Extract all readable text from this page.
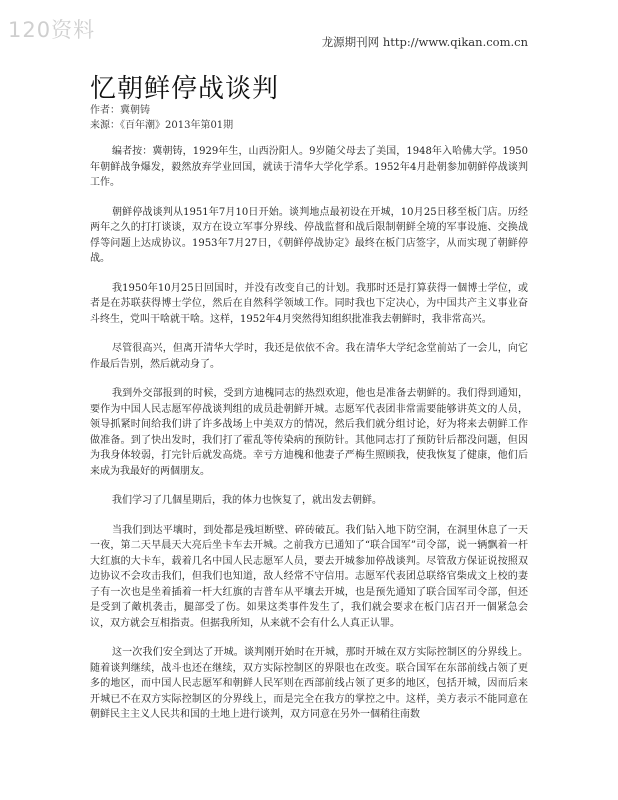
120资料	龙源期刊网 http://www.qikan.com.cn
忆朝鲜停战谈判
作者：冀朝铸
来源：《百年潮》2013年第01期

编者按：冀朝铸，1929年生，山西汾阳人。9岁随父母去了美国，1948年入哈佛大学。1950年朝鲜战争爆发，毅然放弃学业回国，就读于清华大学化学系。1952年4月赴朝参加朝鲜停战谈判工作。

朝鲜停战谈判从1951年7月10日开始。谈判地点最初设在开城，10月25日移至板门店。历经两年之久的打打谈谈，双方在设立军事分界线、停战监督和战后限制朝鲜全境的军事设施、交换战俘等问题上达成协议。1953年7月27日，《朝鲜停战协定》最终在板门店签字，从而实现了朝鲜停战。

我1950年10月25日回国时，并没有改变自己的计划。我那时还是打算获得一個博士学位，或者是在苏联获得博士学位，然后在自然科学领域工作。同时我也下定决心，为中国共产主义事业奋斗终生，党叫干啥就干啥。这样，1952年4月突然得知组织批准我去朝鲜时，我非常高兴。

尽管很高兴，但离开清华大学时，我还是依依不舍。我在清华大学纪念堂前站了一会儿，向它作最后告别，然后就动身了。

我到外交部报到的时候，受到方迪槐同志的热烈欢迎，他也是准备去朝鲜的。我们得到通知，要作为中国人民志愿军停战谈判组的成员赴朝鲜开城。志愿军代表团非常需要能够讲英文的人员，领导抓紧时间给我们讲了许多战场上中美双方的情况，然后我们就分组讨论，好为将来去朝鲜工作做准备。到了快出发时，我们打了霍乱等传染病的预防针。其他同志打了预防针后都没问题，但因为我身体较弱，打完针后就发高烧。幸亏方迪槐和他妻子严梅生照顾我，使我恢复了健康，他们后来成为我最好的两個朋友。

我们学习了几個星期后，我的体力也恢复了，就出发去朝鲜。

当我们到达平壤时，到处都是残垣断壁、碎砖破瓦。我们钻入地下防空洞，在洞里休息了一天一夜，第二天早晨天大亮后坐卡车去开城。之前我方已通知了“联合国军”司令部，说一辆飘着一杆大红旗的大卡车，载着几名中国人民志愿军人员，要去开城参加停战谈判。尽管敌方保证说按照双边协议不会攻击我们，但我们也知道，敌人经常不守信用。志愿军代表团总联络官柴成文上校的妻子有一次也是坐着插着一杆大红旗的吉普车从平壤去开城，也是预先通知了联合国军司令部，但还是受到了敵机袭击，腿部受了伤。如果这类事件发生了，我们就会要求在板门店召开一個紧急会议，双方就会互相指责。但据我所知，从来就不会有什么人真正认罪。

这一次我们安全到达了开城。谈判刚开始时在开城，那时开城在双方实际控制区的分界线上。随着谈判继续，战斗也还在继续，双方实际控制区的界限也在改变。联合国军在东部前线占领了更多的地区，而中国人民志愿军和朝鲜人民军则在西部前线占领了更多的地区，包括开城，因而后来开城已不在双方实际控制区的分界线上，而是完全在我方的掌控之中。这样，美方表示不能同意在朝鲜民主主义人民共和国的土地上进行谈判，双方同意在另外一個稍往南数
